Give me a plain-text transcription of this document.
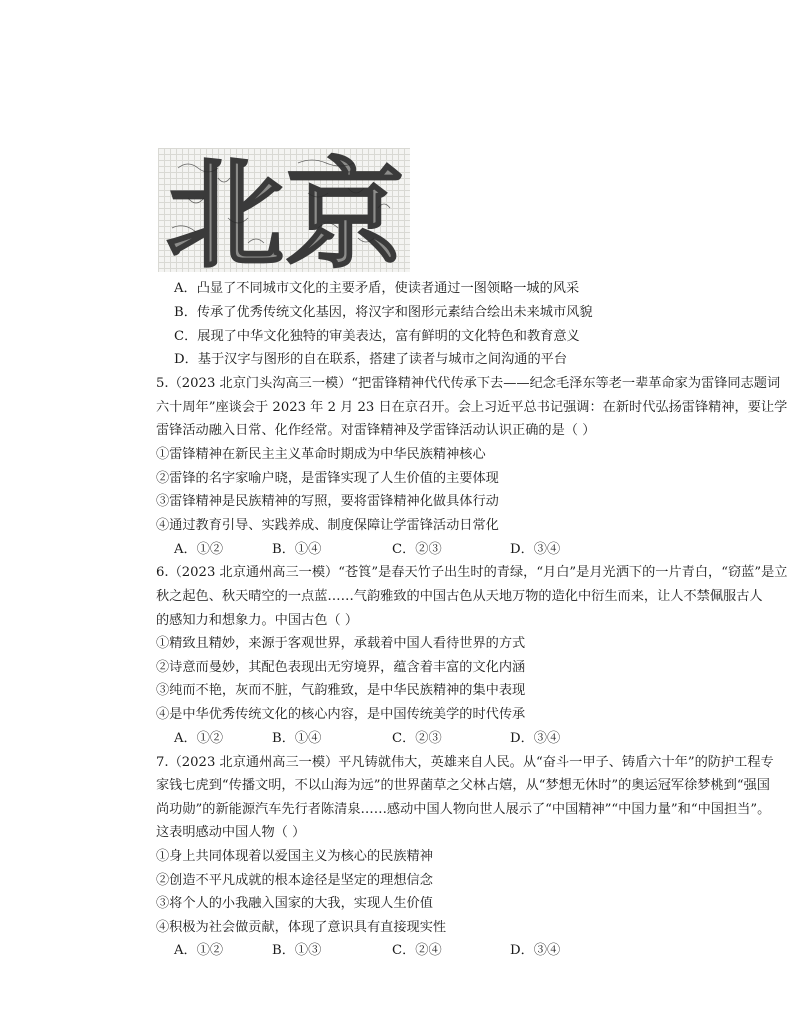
北 京
A．凸显了不同城市文化的主要矛盾，使读者通过一图领略一城的风采
B．传承了优秀传统文化基因，将汉字和图形元素结合绘出未来城市风貌
C．展现了中华文化独特的审美表达，富有鲜明的文化特色和教育意义
D．基于汉字与图形的自在联系，搭建了读者与城市之间沟通的平台
5.（2023 北京门头沟高三一模）“把雷锋精神代代传承下去——纪念毛泽东等老一辈革命家为雷锋同志题词
六十周年”座谈会于 2023 年 2 月 23 日在京召开。会上习近平总书记强调：在新时代弘扬雷锋精神，要让学
雷锋活动融入日常、化作经常。对雷锋精神及学雷锋活动认识正确的是（ ）
①雷锋精神在新民主主义革命时期成为中华民族精神核心
②雷锋的名字家喻户晓，是雷锋实现了人生价值的主要体现
③雷锋精神是民族精神的写照，要将雷锋精神化做具体行动
④通过教育引导、实践养成、制度保障让学雷锋活动日常化
A．①②	B．①④	C．②③	D．③④
6.（2023 北京通州高三一模）“苍筤”是春天竹子出生时的青绿，“月白”是月光洒下的一片青白，“窃蓝”是立
秋之起色、秋天晴空的一点蓝……气韵雅致的中国古色从天地万物的造化中衍生而来，让人不禁佩服古人
的感知力和想象力。中国古色（ ）
①精致且精妙，来源于客观世界，承载着中国人看待世界的方式
②诗意而曼妙，其配色表现出无穷境界，蕴含着丰富的文化内涵
③纯而不艳，灰而不脏，气韵雅致，是中华民族精神的集中表现
④是中华优秀传统文化的核心内容，是中国传统美学的时代传承
A．①②	B．①④	C．②③	D．③④
7.（2023 北京通州高三一模）平凡铸就伟大，英雄来自人民。从“奋斗一甲子、铸盾六十年”的防护工程专
家钱七虎到“传播文明，不以山海为远”的世界菌草之父林占熺，从“梦想无休时”的奥运冠军徐梦桃到“强国
尚功勋”的新能源汽车先行者陈清泉……感动中国人物向世人展示了“中国精神”“中国力量”和“中国担当”。
这表明感动中国人物（ ）
①身上共同体现着以爱国主义为核心的民族精神
②创造不平凡成就的根本途径是坚定的理想信念
③将个人的小我融入国家的大我，实现人生价值
④积极为社会做贡献，体现了意识具有直接现实性
A．①②	B．①③	C．②④	D．③④
